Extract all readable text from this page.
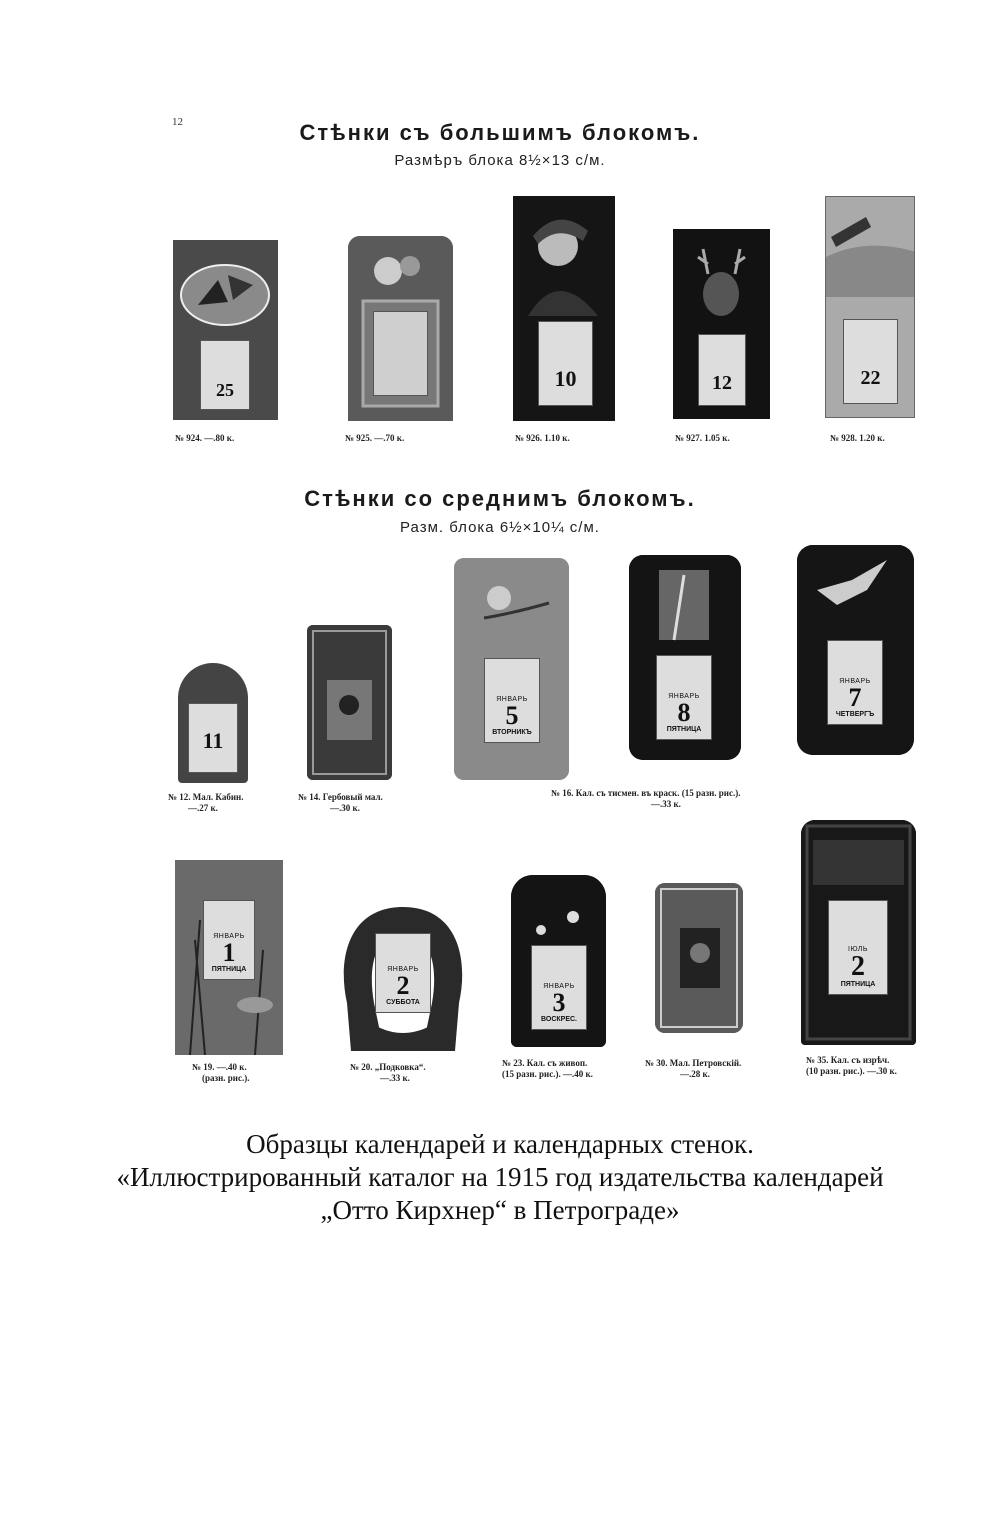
12	Стѣнки съ большимъ блокомъ.
Размѣръ блока 8½×13 с/м.
25
№ 924. —.80 к.	№ 925. —.70 к.
10
№ 926. 1.10 к.
12
№ 927. 1.05 к.
22
№ 928. 1.20 к.
Стѣнки со среднимъ блокомъ.
Разм. блока 6½×10¼ с/м.
11
№ 12. Мал. Кабин.
—.27 к.
№ 14. Гербовый мал.
—.30 к.
ЯНВАРЬ
5
ВТОРНИКЪ
ЯНВАРЬ
8
ПЯТНИЦА
ЯНВАРЬ
7
ЧЕТВЕРГЪ
№ 16. Кал. съ тисмен. въ краск. (15 разн. рис.).
—.33 к.
ЯНВАРЬ
1
ПЯТНИЦА
№ 19. —.40 к.
(разн. рис.).
ЯНВАРЬ
2
СУББОТА
№ 20. „Подковка“.
—.33 к.
ЯНВАРЬ
3
ВОСКРЕС.
№ 23. Кал. съ живоп.
(15 разн. рис.). —.40 к.
№ 30. Мал. Петровскій.
—.28 к.
ІЮЛЬ
2
ПЯТНИЦА
№ 35. Кал. съ изрѣч.
(10 разн. рис.). —.30 к.
Образцы календарей и календарных стенок.
«Иллюстрированный каталог на 1915 год издательства календарей
„Отто Кирхнер“ в Петрограде»
